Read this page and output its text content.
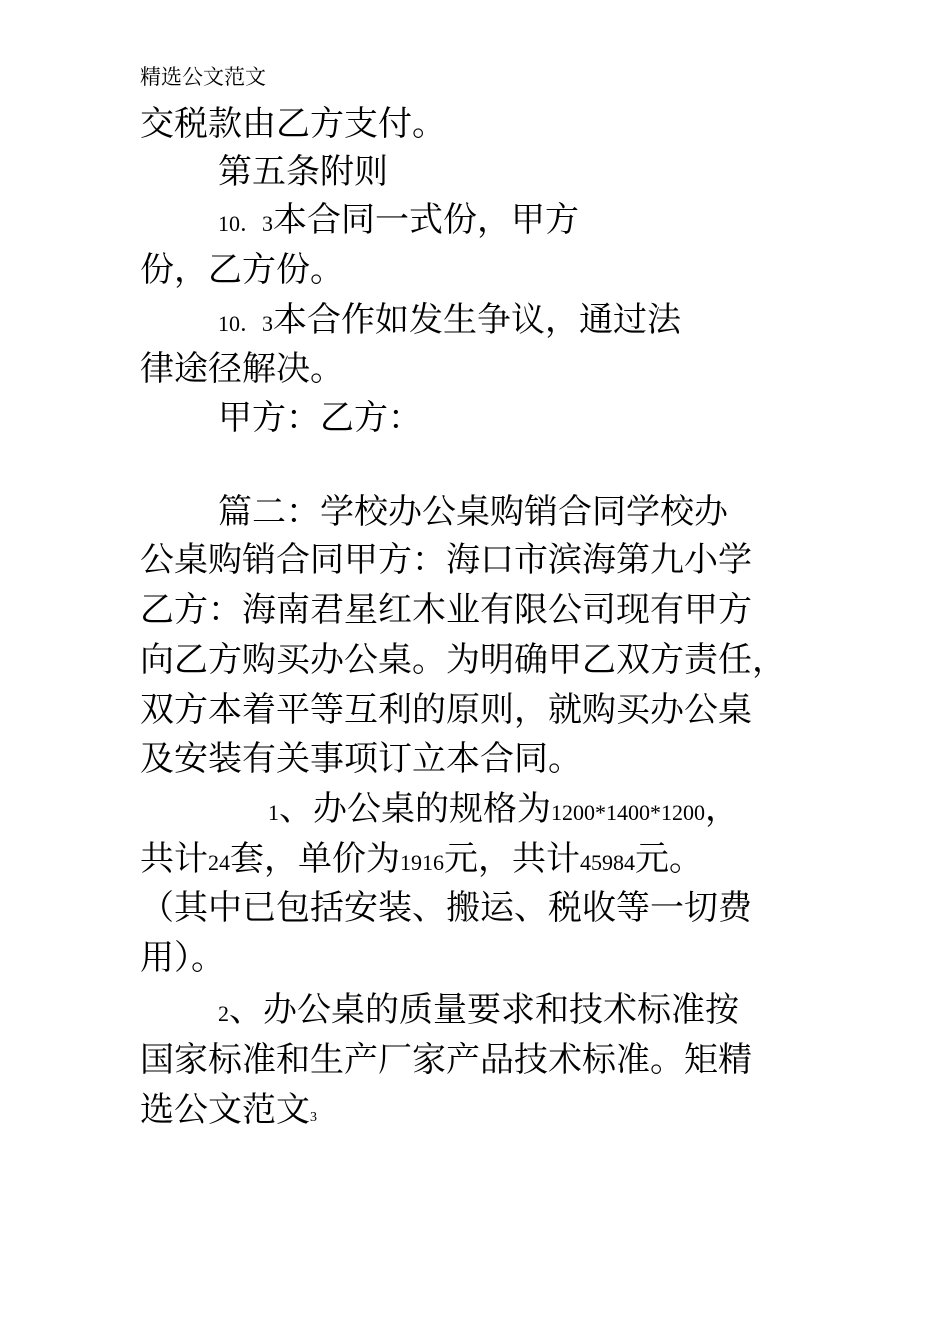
精选公文范文
交税款由乙方支付。
第五条附则
10．3本合同一式份，甲方
份，乙方份。
10．3本合作如发生争议，通过法
律途径解决。
甲方：乙方：
篇二：学校办公桌购销合同学校办
公桌购销合同甲方：海口市滨海第九小学
乙方：海南君星红木业有限公司现有甲方
向乙方购买办公桌。为明确甲乙双方责任，
双方本着平等互利的原则，就购买办公桌
及安装有关事项订立本合同。
1、办公桌的规格为1200*1400*1200，
共计24套，单价为1916元，共计45984元。
（其中已包括安装、搬运、税收等一切费
用）。
2、办公桌的质量要求和技术标准按
国家标准和生产厂家产品技术标准。矩精
选公文范文3
